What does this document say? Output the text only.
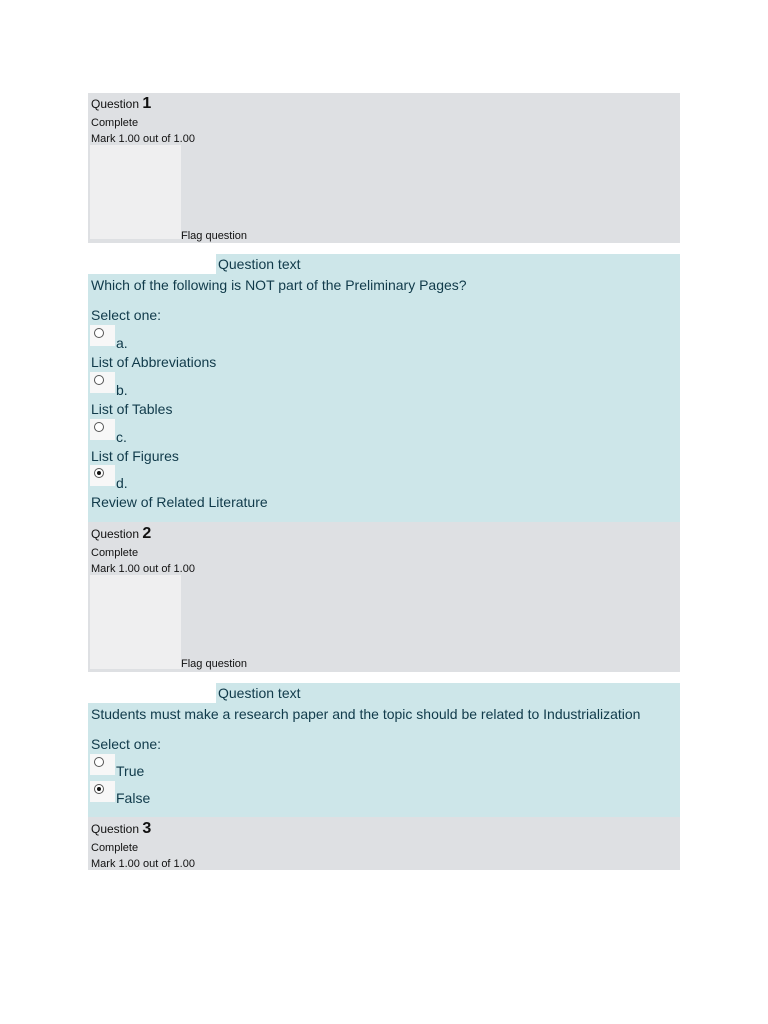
Question 1
Complete
Mark 1.00 out of 1.00
Flag question
Question text
Which of the following is NOT part of the Preliminary Pages?
Select one:
a.
List of Abbreviations
b.
List of Tables
c.
List of Figures
d.
Review of Related Literature
Question 2
Complete
Mark 1.00 out of 1.00
Flag question
Question text
Students must make a research paper and the topic should be related to Industrialization
Select one:
True
False
Question 3
Complete
Mark 1.00 out of 1.00
